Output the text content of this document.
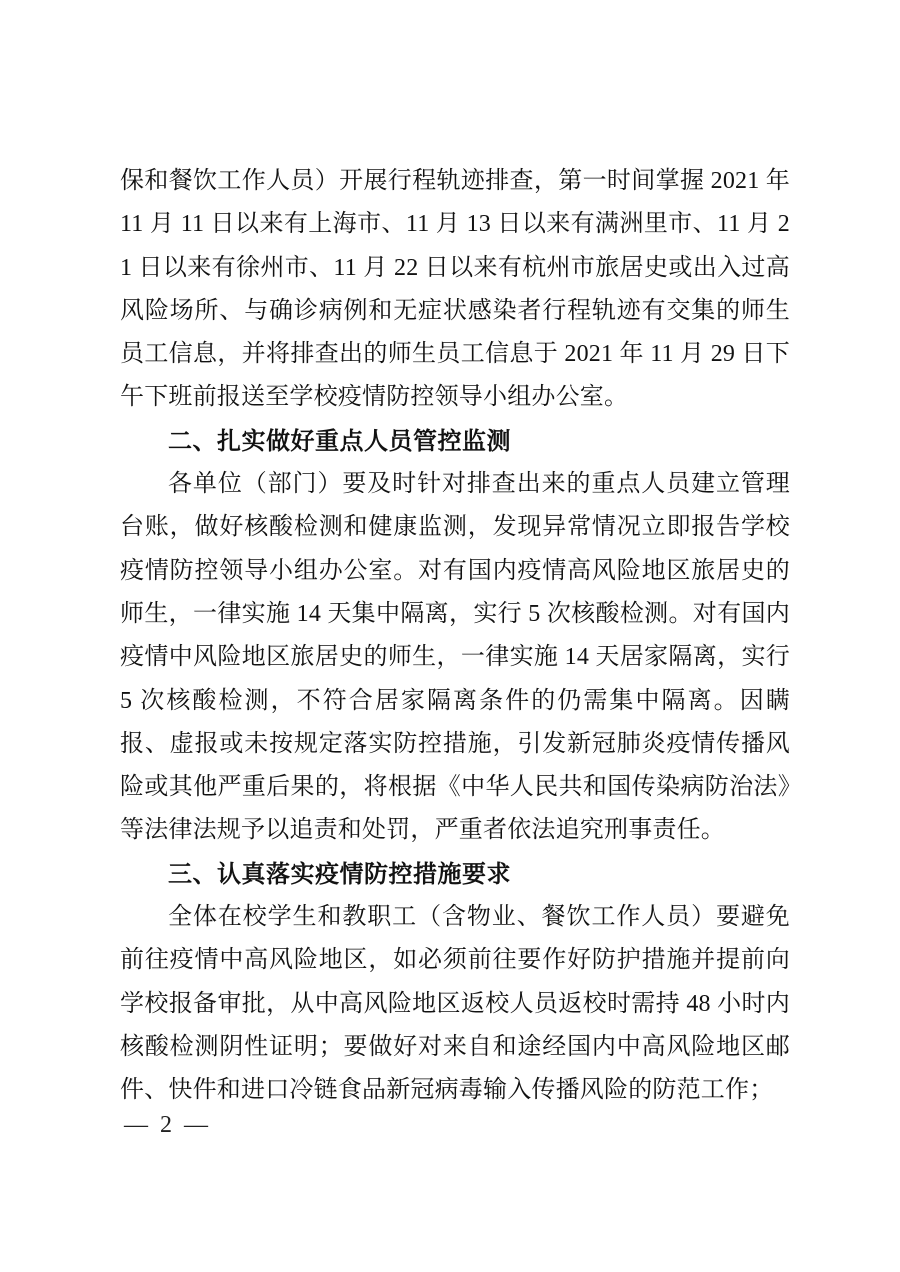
保和餐饮工作人员）开展行程轨迹排查，第一时间掌握 2021 年 11 月 11 日以来有上海市、11 月 13 日以来有满洲里市、11 月 21 日以来有徐州市、11 月 22 日以来有杭州市旅居史或出入过高风险场所、与确诊病例和无症状感染者行程轨迹有交集的师生员工信息，并将排查出的师生员工信息于 2021 年 11 月 29 日下午下班前报送至学校疫情防控领导小组办公室。

二、扎实做好重点人员管控监测

各单位（部门）要及时针对排查出来的重点人员建立管理台账，做好核酸检测和健康监测，发现异常情况立即报告学校疫情防控领导小组办公室。对有国内疫情高风险地区旅居史的师生，一律实施 14 天集中隔离，实行 5 次核酸检测。对有国内疫情中风险地区旅居史的师生，一律实施 14 天居家隔离，实行 5 次核酸检测，不符合居家隔离条件的仍需集中隔离。因瞒报、虚报或未按规定落实防控措施，引发新冠肺炎疫情传播风险或其他严重后果的，将根据《中华人民共和国传染病防治法》等法律法规予以追责和处罚，严重者依法追究刑事责任。

三、认真落实疫情防控措施要求

全体在校学生和教职工（含物业、餐饮工作人员）要避免前往疫情中高风险地区，如必须前往要作好防护措施并提前向学校报备审批，从中高风险地区返校人员返校时需持 48 小时内核酸检测阴性证明；要做好对来自和途经国内中高风险地区邮件、快件和进口冷链食品新冠病毒输入传播风险的防范工作；

— 2 —
